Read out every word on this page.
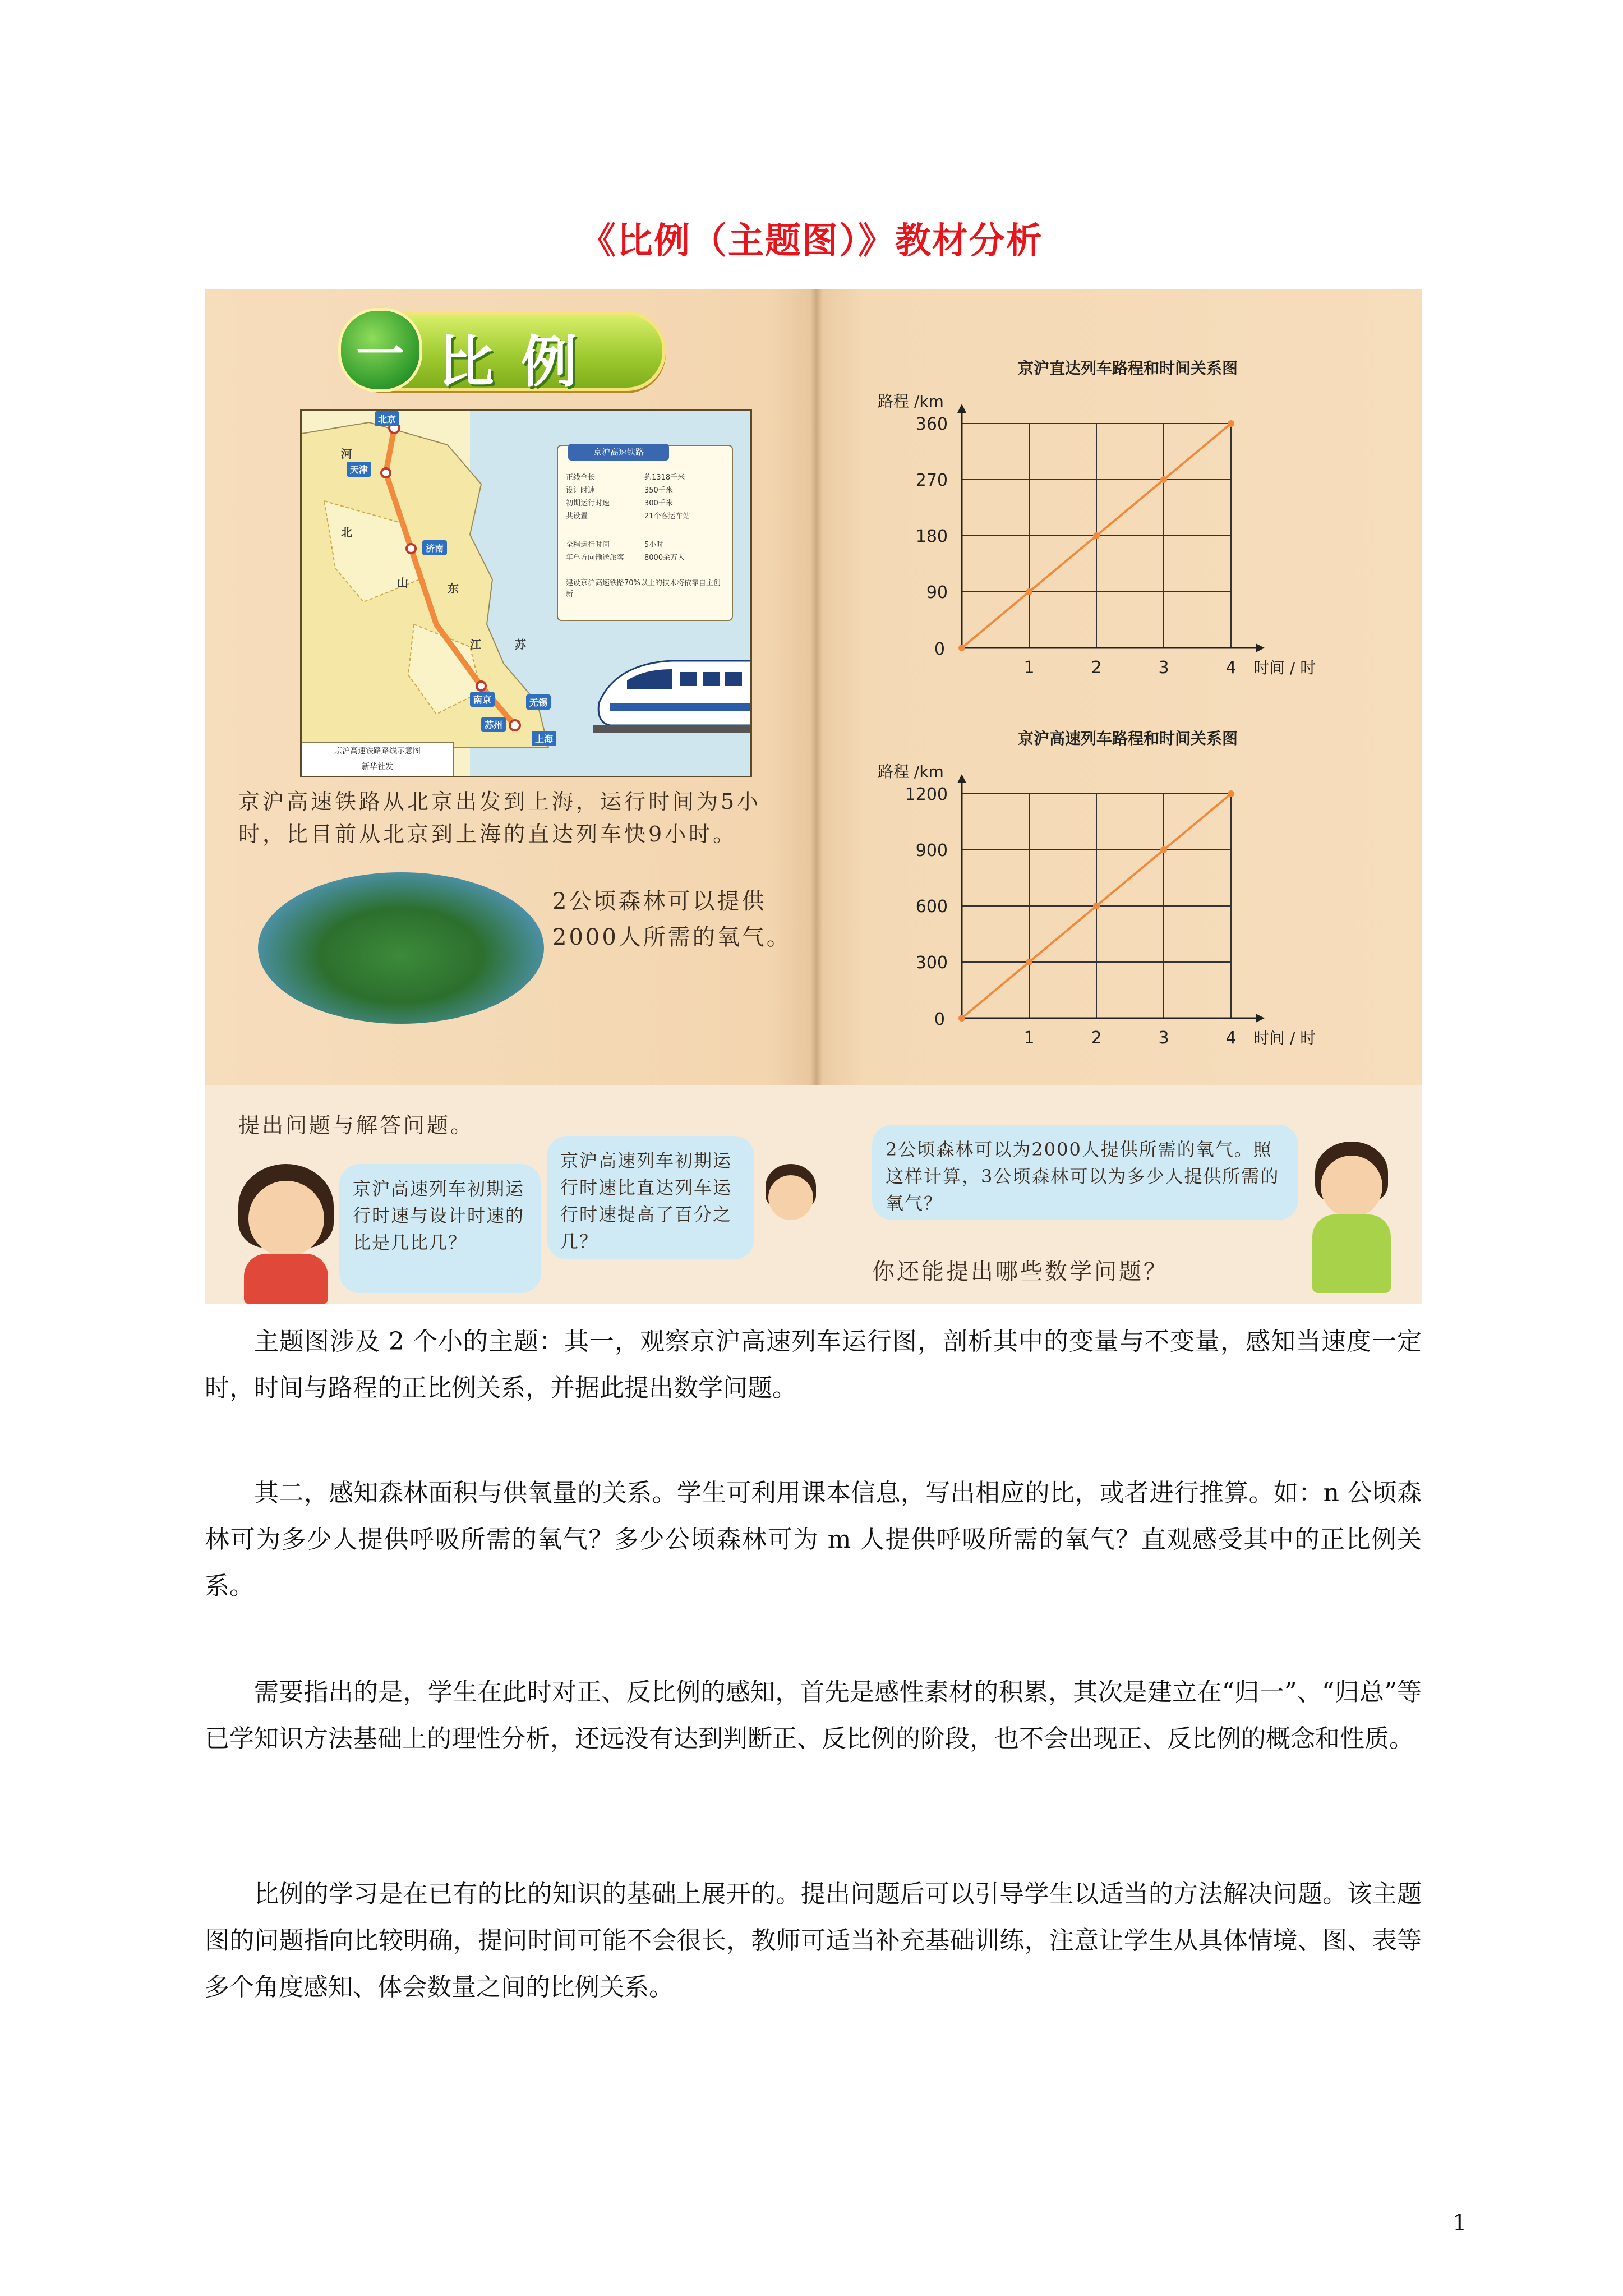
《比例（主题图）》教材分析
一 比例
北京
天津
济南
南京
苏州
无锡
上海
河
北
山	东
江	苏
京沪高速铁路
正线全长	约1318千米
设计时速	350千米
初期运行时速	300千米
共设置	21个客运车站
全程运行时间	5小时
年单方向输送旅客	8000余万人
建设京沪高速铁路70%以上的技术将依靠自主创新
京沪高速铁路路线示意图
新华社发
京沪高速铁路从北京出发到上海，运行时间为5小时，比目前从北京到上海的直达列车快9小时。
2公顷森林可以提供2000人所需的氧气。
京沪直达列车路程和时间关系图
路程 /km
0
1	2	3	4
90
180
270
360
时间 / 时
京沪高速列车路程和时间关系图
路程 /km
0
1	2	3	4
300
600
900
1200
时间 / 时
提出问题与解答问题。
京沪高速列车初期运行时速与设计时速的比是几比几？
京沪高速列车初期运行时速比直达列车运行时速提高了百分之几？
2公顷森林可以为2000人提供所需的氧气。照这样计算，3公顷森林可以为多少人提供所需的氧气？
你还能提出哪些数学问题？

主题图涉及 2 个小的主题：其一，观察京沪高速列车运行图，剖析其中的变量与不变量，感知当速度一定时，时间与路程的正比例关系，并据此提出数学问题。

其二，感知森林面积与供氧量的关系。学生可利用课本信息，写出相应的比，或者进行推算。如：n 公顷森林可为多少人提供呼吸所需的氧气？多少公顷森林可为 m 人提供呼吸所需的氧气？直观感受其中的正比例关系。

需要指出的是，学生在此时对正、反比例的感知，首先是感性素材的积累，其次是建立在“归一”、“归总”等已学知识方法基础上的理性分析，还远没有达到判断正、反比例的阶段，也不会出现正、反比例的概念和性质。

比例的学习是在已有的比的知识的基础上展开的。提出问题后可以引导学生以适当的方法解决问题。该主题图的问题指向比较明确，提问时间可能不会很长，教师可适当补充基础训练，注意让学生从具体情境、图、表等多个角度感知、体会数量之间的比例关系。

1
